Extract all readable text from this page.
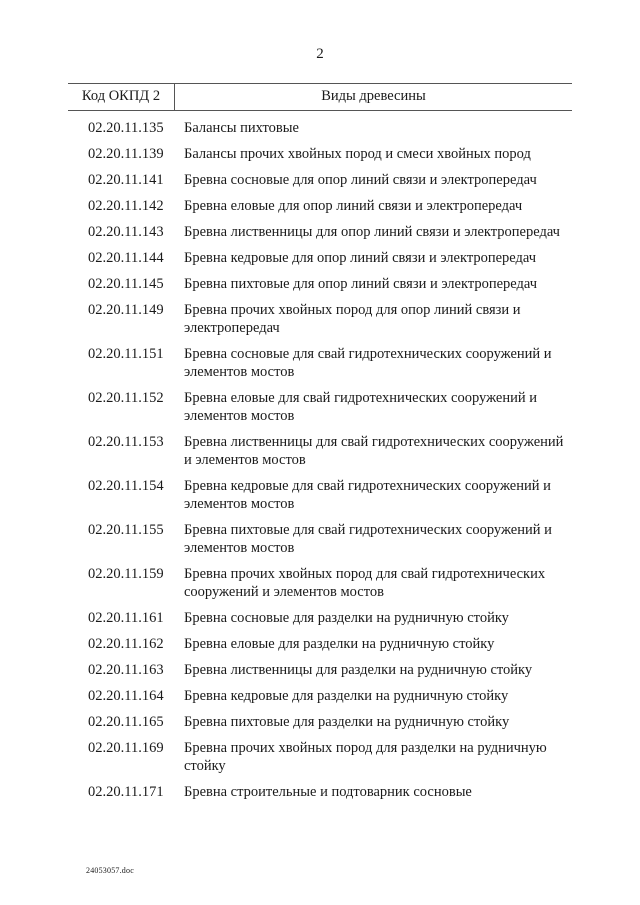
2
Код ОКПД 2	Виды древесины
02.20.11.135	Балансы пихтовые
02.20.11.139	Балансы прочих хвойных пород и смеси хвойных пород
02.20.11.141	Бревна сосновые для опор линий связи и электропередач
02.20.11.142	Бревна еловые для опор линий связи и электропередач
02.20.11.143	Бревна лиственницы для опор линий связи и электропередач
02.20.11.144	Бревна кедровые для опор линий связи и электропередач
02.20.11.145	Бревна пихтовые для опор линий связи и электропередач
02.20.11.149	Бревна прочих хвойных пород для опор линий связи и электропередач
02.20.11.151	Бревна сосновые для свай гидротехнических сооружений и элементов мостов
02.20.11.152	Бревна еловые для свай гидротехнических сооружений и элементов мостов
02.20.11.153	Бревна лиственницы для свай гидротехнических сооружений и элементов мостов
02.20.11.154	Бревна кедровые для свай гидротехнических сооружений и элементов мостов
02.20.11.155	Бревна пихтовые для свай гидротехнических сооружений и элементов мостов
02.20.11.159	Бревна прочих хвойных пород для свай гидротехнических сооружений и элементов мостов
02.20.11.161	Бревна сосновые для разделки на рудничную стойку
02.20.11.162	Бревна еловые для разделки на рудничную стойку
02.20.11.163	Бревна лиственницы для разделки на рудничную стойку
02.20.11.164	Бревна кедровые для разделки на рудничную стойку
02.20.11.165	Бревна пихтовые для разделки на рудничную стойку
02.20.11.169	Бревна прочих хвойных пород для разделки на рудничную стойку
02.20.11.171	Бревна строительные и подтоварник сосновые
24053057.doc
